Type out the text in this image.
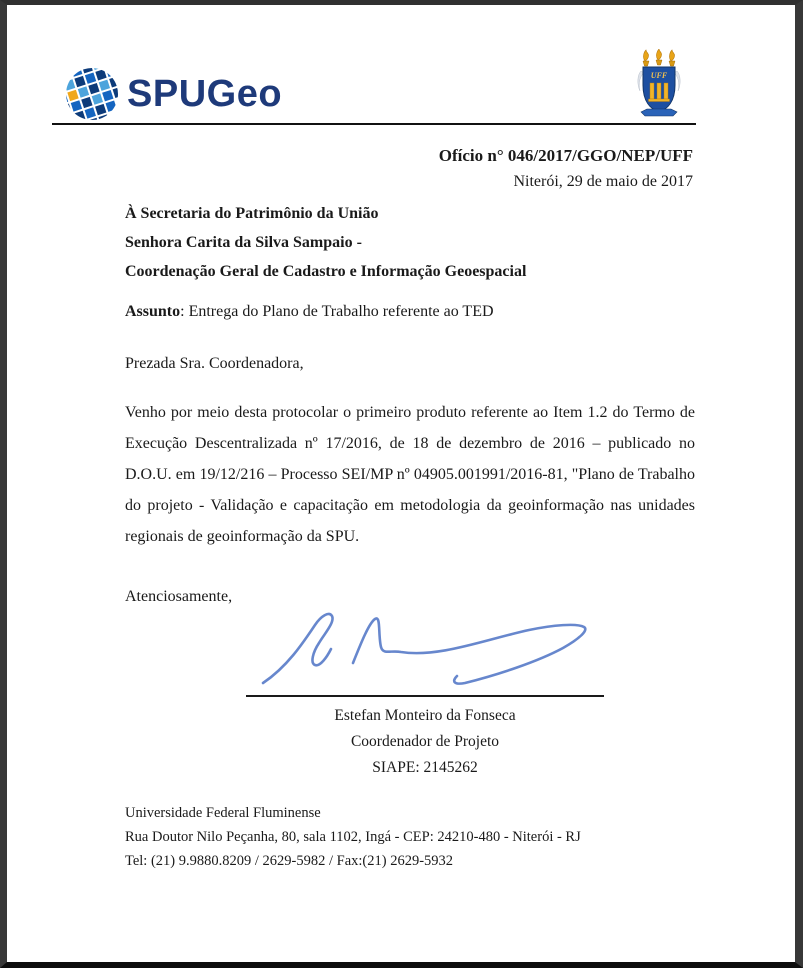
SPUGeo	UFF
Ofício n° 046/2017/GGO/NEP/UFF
Niterói, 29 de maio de 2017
À Secretaria do Patrimônio da União
Senhora Carita da Silva Sampaio -
Coordenação Geral de Cadastro e Informação Geoespacial
Assunto: Entrega do Plano de Trabalho referente ao TED
Prezada Sra. Coordenadora,

Venho por meio desta protocolar o primeiro produto referente ao Item 1.2 do Termo de Execução Descentralizada nº 17/2016, de 18 de dezembro de 2016 – publicado no D.O.U. em 19/12/216 – Processo SEI/MP nº 04905.001991/2016-81, "Plano de Trabalho do projeto - Validação e capacitação em metodologia da geoinformação nas unidades regionais de geoinformação da SPU.

Atenciosamente,
Estefan Monteiro da Fonseca
Coordenador de Projeto
SIAPE: 2145262
Universidade Federal Fluminense
Rua Doutor Nilo Peçanha, 80, sala 1102, Ingá - CEP: 24210-480 - Niterói - RJ
Tel: (21) 9.9880.8209 / 2629-5982 / Fax:(21) 2629-5932
